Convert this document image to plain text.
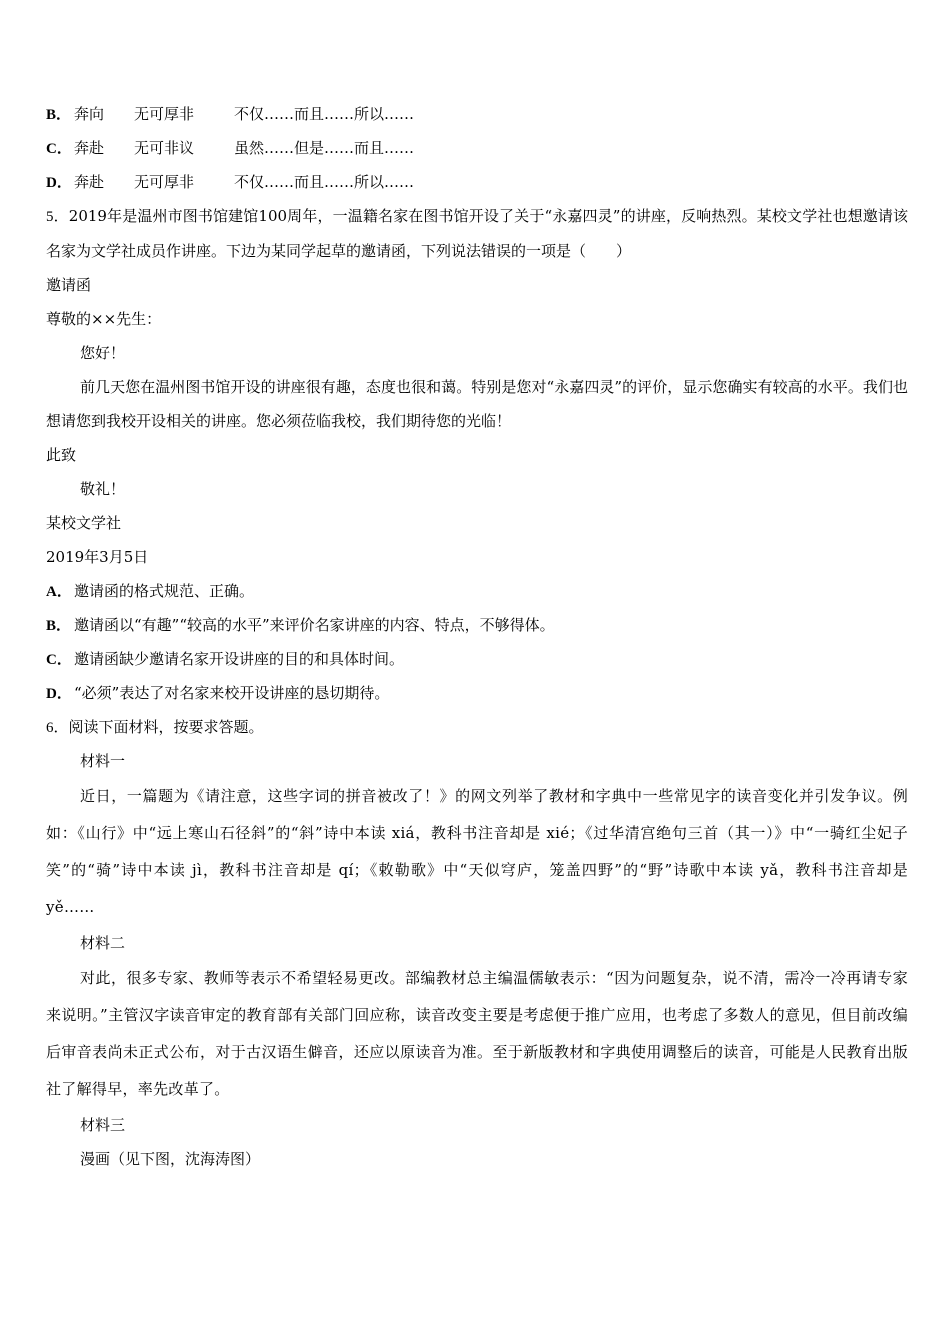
B． 奔向 无可厚非	不仅……而且……所以……
C． 奔赴 无可非议	虽然……但是……而且……
D． 奔赴 无可厚非	不仅……而且……所以……
5．2019年是温州市图书馆建馆100周年，一温籍名家在图书馆开设了关于“永嘉四灵”的讲座，反响热烈。某校文学社也想邀请该名家为文学社成员作讲座。下边为某同学起草的邀请函，下列说法错误的一项是（　　）
邀请函
尊敬的××先生：
您好！
前几天您在温州图书馆开设的讲座很有趣，态度也很和蔼。特别是您对“永嘉四灵”的评价，显示您确实有较高的水平。我们也想请您到我校开设相关的讲座。您必须莅临我校，我们期待您的光临！
此致
敬礼！
某校文学社
2019年3月5日
A． 邀请函的格式规范、正确。
B． 邀请函以“有趣”“较高的水平”来评价名家讲座的内容、特点，不够得体。
C． 邀请函缺少邀请名家开设讲座的目的和具体时间。
D． “必须”表达了对名家来校开设讲座的恳切期待。
6．阅读下面材料，按要求答题。
材料一
近日，一篇题为《请注意，这些字词的拼音被改了！》的网文列举了教材和字典中一些常见字的读音变化并引发争议。例如：《山行》中“远上寒山石径斜”的“斜”诗中本读 xiá，教科书注音却是 xié；《过华清宫绝句三首（其一）》中“一骑红尘妃子笑”的“骑”诗中本读 jì，教科书注音却是 qí；《敕勒歌》中“天似穹庐，笼盖四野”的“野”诗歌中本读 yǎ，教科书注音却是 yě……
材料二
对此，很多专家、教师等表示不希望轻易更改。部编教材总主编温儒敏表示：“因为问题复杂，说不清，需冷一冷再请专家来说明。”主管汉字读音审定的教育部有关部门回应称，读音改变主要是考虑便于推广应用，也考虑了多数人的意见，但目前改编后审音表尚未正式公布，对于古汉语生僻音，还应以原读音为准。至于新版教材和字典使用调整后的读音，可能是人民教育出版社了解得早，率先改革了。
材料三
漫画（见下图，沈海涛图）
